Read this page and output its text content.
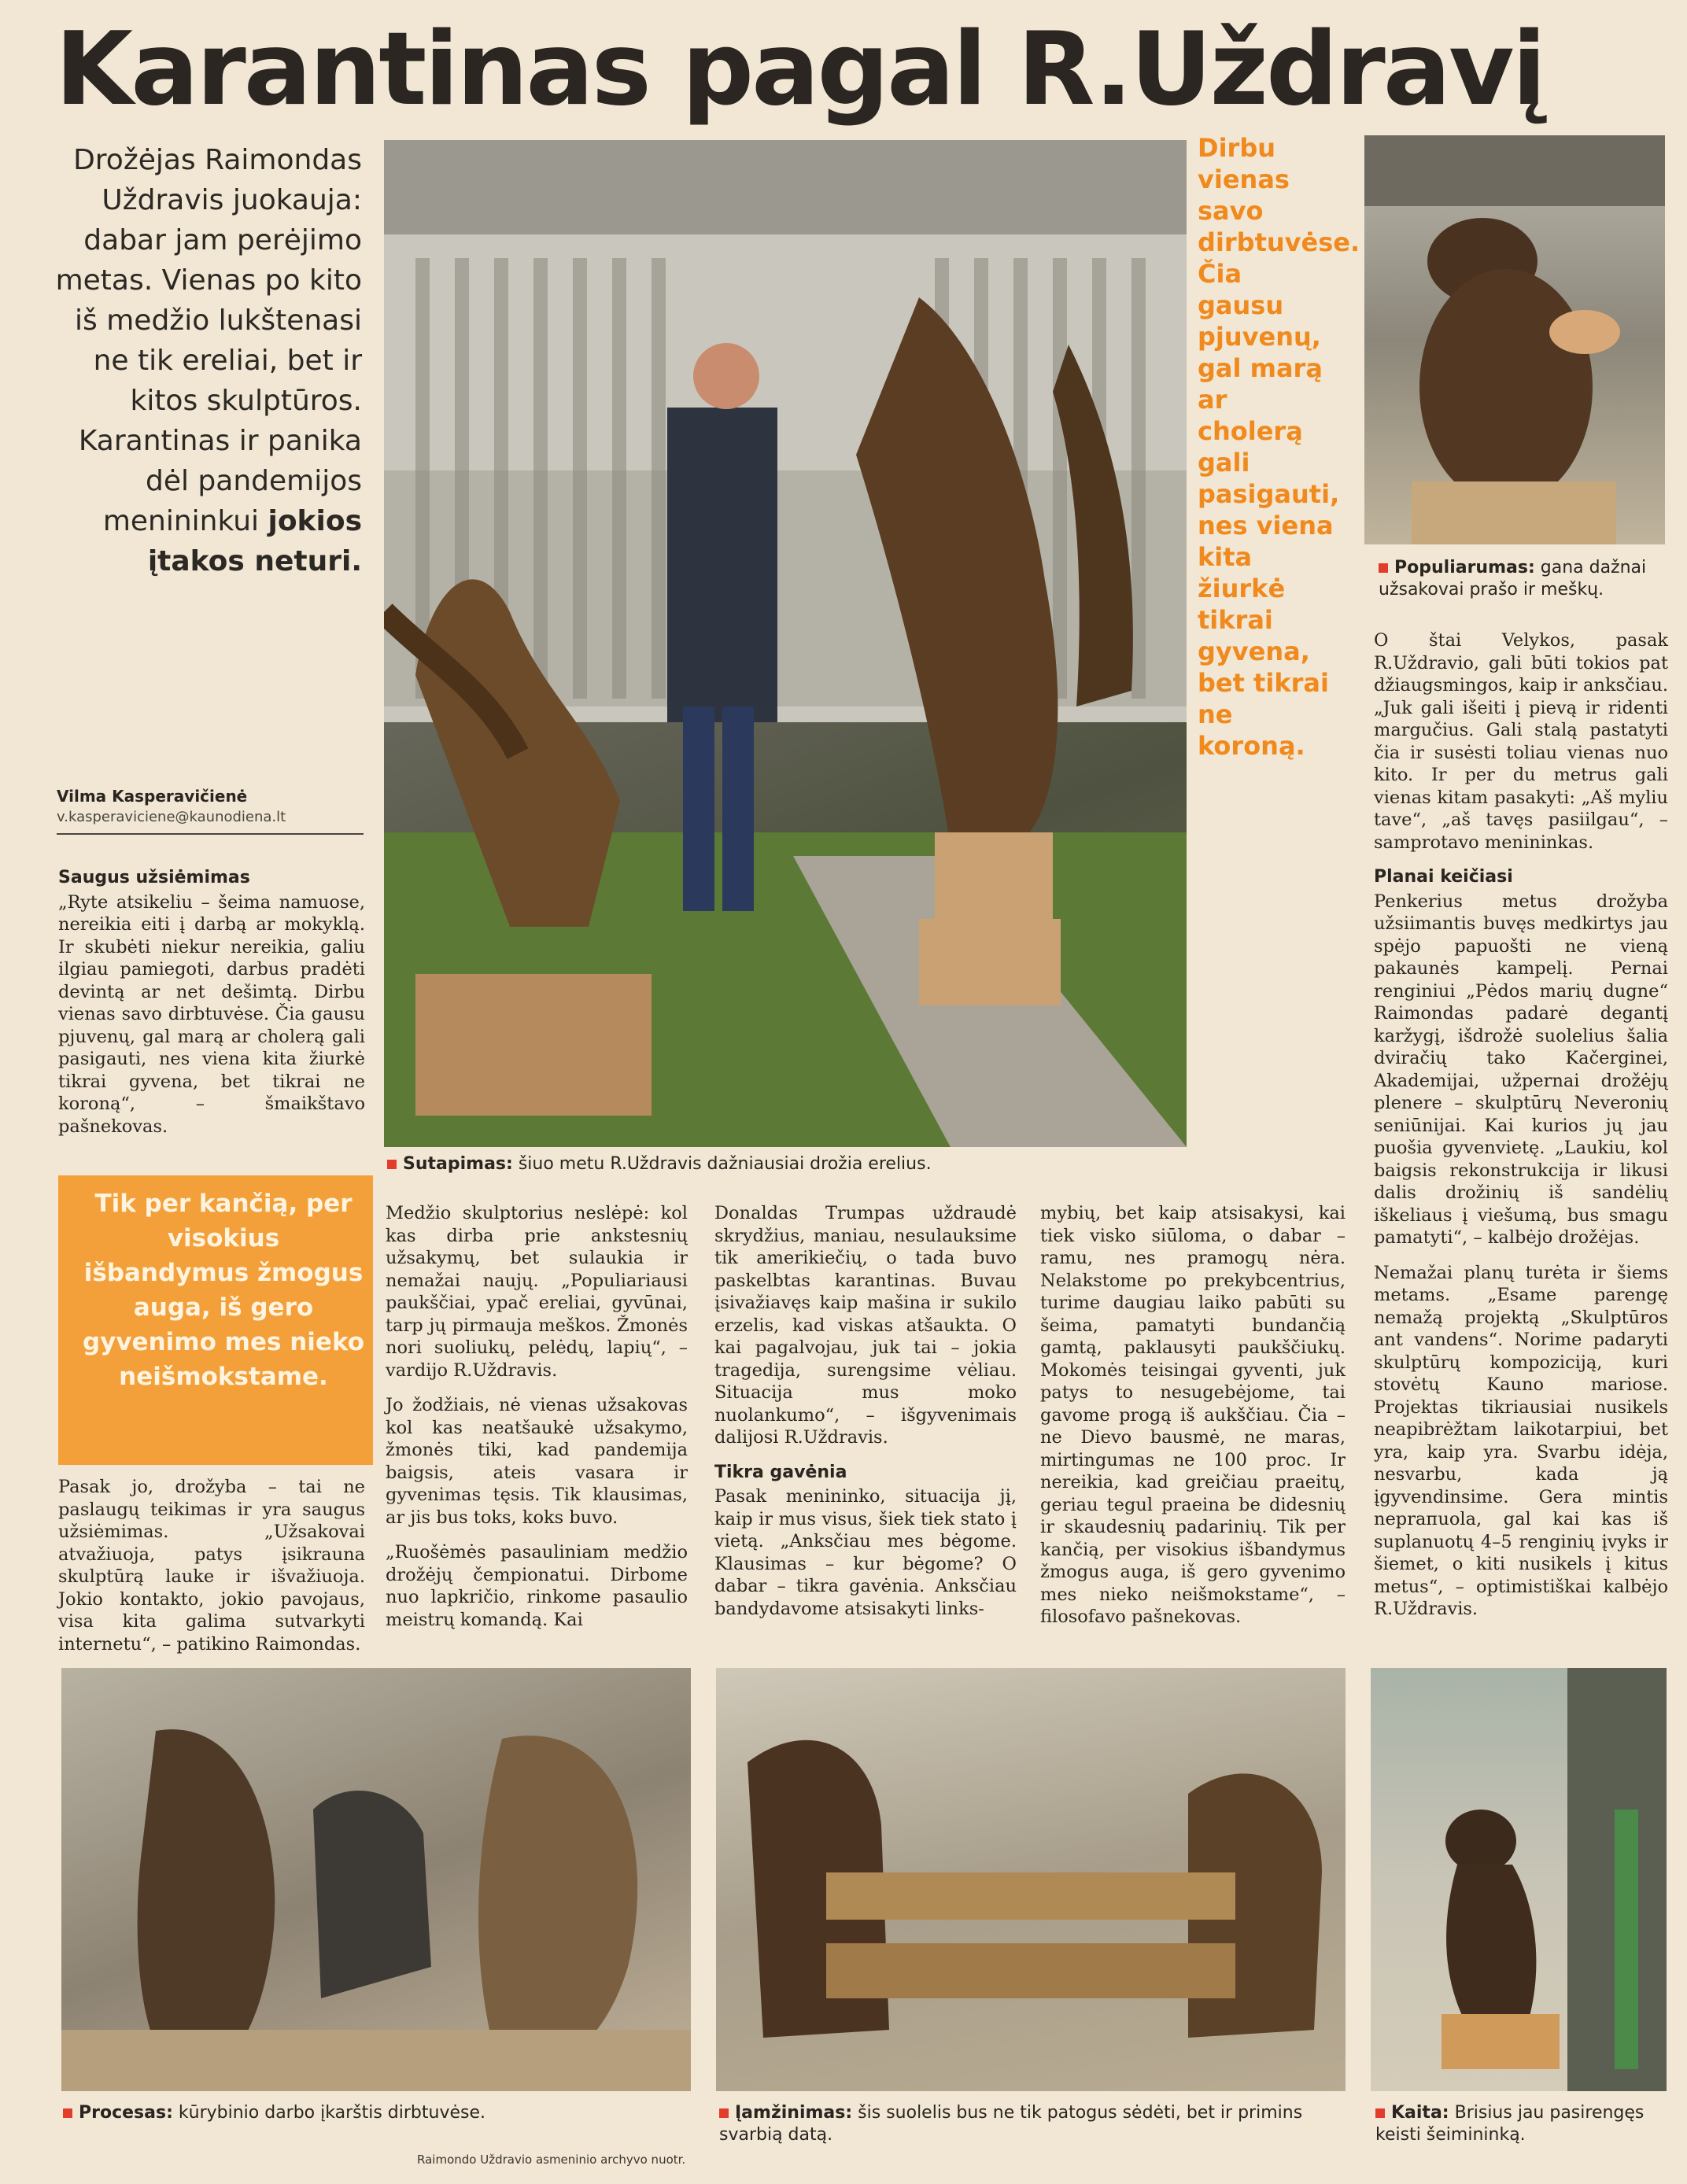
Karantinas pagal R.Uždravį
Drožėjas Raimondas Uždravis juokauja: dabar jam perėjimo metas. Vienas po kito iš medžio lukštenasi ne tik ereliai, bet ir kitos skulptūros. Karantinas ir panika dėl pandemijos menininkui jokios įtakos neturi.
Sutapimas: šiuo metu R.Uždravis dažniausiai drožia erelius.
Dirbu vienas savo dirbtuvėse. Čia gausu pjuvenų, gal marą ar cholerą gali pasigauti, nes viena kita žiurkė tikrai gyvena, bet tikrai ne koroną.
Populiarumas: gana dažnai užsakovai prašo ir meškų.
Vilma Kasperavičienė
v.kasperaviciene@kaunodiena.lt
Saugus užsiėmimas

„Ryte atsikeliu – šeima namuose, nereikia eiti į darbą ar mokyklą. Ir skubėti niekur nereikia, galiu ilgiau pamiegoti, darbus pradėti devintą ar net dešimtą. Dirbu vienas savo dirbtuvėse. Čia gausu pjuvenų, gal marą ar cholerą gali pasigauti, nes viena kita žiurkė tikrai gyvena, bet tikrai ne koroną“, – šmaikštavo pašnekovas.

Tik per kančią, per visokius išbandymus žmogus auga, iš gero gyvenimo mes nieko neišmokstame.

Pasak jo, drožyba – tai ne paslaugų teikimas ir yra saugus užsiėmimas. „Užsakovai atvažiuoja, patys įsikrauna skulptūrą lauke ir išvažiuoja. Jokio kontakto, jokio pavojaus, visa kita galima sutvarkyti internetu“, – patikino Raimondas.

Medžio skulptorius neslėpė: kol kas dirba prie ankstesnių užsakymų, bet sulaukia ir nemažai naujų. „Populiariausi paukščiai, ypač ereliai, gyvūnai, tarp jų pirmauja meškos. Žmonės nori suoliukų, pelėdų, lapių“, – vardijo R.Uždravis.

Jo žodžiais, nė vienas užsakovas kol kas neatšaukė užsakymo, žmonės tiki, kad pandemija baigsis, ateis vasara ir gyvenimas tęsis. Tik klausimas, ar jis bus toks, koks buvo.

„Ruošėmės pasauliniam medžio drožėjų čempionatui. Dirbome nuo lapkričio, rinkome pasaulio meistrų komandą. Kai

Donaldas Trumpas uždraudė skrydžius, maniau, nesulauksime tik amerikiečių, o tada buvo paskelbtas karantinas. Buvau įsivažiavęs kaip mašina ir sukilo erzelis, kad viskas atšaukta. O kai pagalvojau, juk tai – jokia tragedija, surengsime vėliau. Situacija mus moko nuolankumo“, – išgyvenimais dalijosi R.Uždravis.

Tikra gavėnia

Pasak menininko, situacija jį, kaip ir mus visus, šiek tiek stato į vietą. „Anksčiau mes bėgome. Klausimas – kur bėgome? O dabar – tikra gavėnia. Anksčiau bandydavome atsisakyti links-

mybių, bet kaip atsisakysi, kai tiek visko siūloma, o dabar – ramu, nes pramogų nėra. Nelakstome po prekybcentrius, turime daugiau laiko pabūti su šeima, pamatyti bundančią gamtą, paklausyti paukščiukų. Mokomės teisingai gyventi, juk patys to nesugebėjome, tai gavome progą iš aukščiau. Čia – ne Dievo bausmė, ne maras, mirtingumas ne 100 proc. Ir nereikia, kad greičiau praeitų, geriau tegul praeina be didesnių ir skaudesnių padarinių. Tik per kančią, per visokius išbandymus žmogus auga, iš gero gyvenimo mes nieko neišmokstame“, – filosofavo pašnekovas.

O štai Velykos, pasak R.Uždravio, gali būti tokios pat džiaugsmingos, kaip ir anksčiau. „Juk gali išeiti į pievą ir ridenti margučius. Gali stalą pastatyti čia ir susėsti toliau vienas nuo kito. Ir per du metrus gali vienas kitam pasakyti: „Aš myliu tave“, „aš tavęs pasiilgau“, – samprotavo menininkas.

Planai keičiasi

Penkerius metus drožyba užsiimantis buvęs medkirtys jau spėjo papuošti ne vieną pakaunės kampelį. Pernai renginiui „Pėdos marių dugne“ Raimondas padarė degantį karžygį, išdrožė suolelius šalia dviračių tako Kačerginei, Akademijai, užpernai drožėjų plenere – skulptūrų Neveronių seniūnijai. Kai kurios jų jau puošia gyvenvietę. „Laukiu, kol baigsis rekonstrukcija ir likusi dalis drožinių iš sandėlių iškeliaus į viešumą, bus smagu pamatyti“, – kalbėjo drožėjas.

Nemažai planų turėta ir šiems metams. „Esame parengę nemažą projektą „Skulptūros ant vandens“. Norime padaryti skulptūrų kompoziciją, kuri stovėtų Kauno mariose. Projektas tikriausiai nusikels neapibrėžtam laikotarpiui, bet yra, kaip yra. Svarbu idėja, nesvarbu, kada ją įgyvendinsime. Gera mintis nepraпuola, gal kai kas iš suplanuotų 4–5 renginių įvyks ir šiemet, o kiti nusikels į kitus metus“, – optimistiškai kalbėjo R.Uždravis.

Procesas: kūrybinio darbo įkarštis dirbtuvėse.
Raimondo Uždravio asmeninio archyvo nuotr.
Įamžinimas: šis suolelis bus ne tik patogus sėdėti, bet ir primins svarbią datą.
Kaita: Brisius jau pasirengęs keisti šeimininką.
